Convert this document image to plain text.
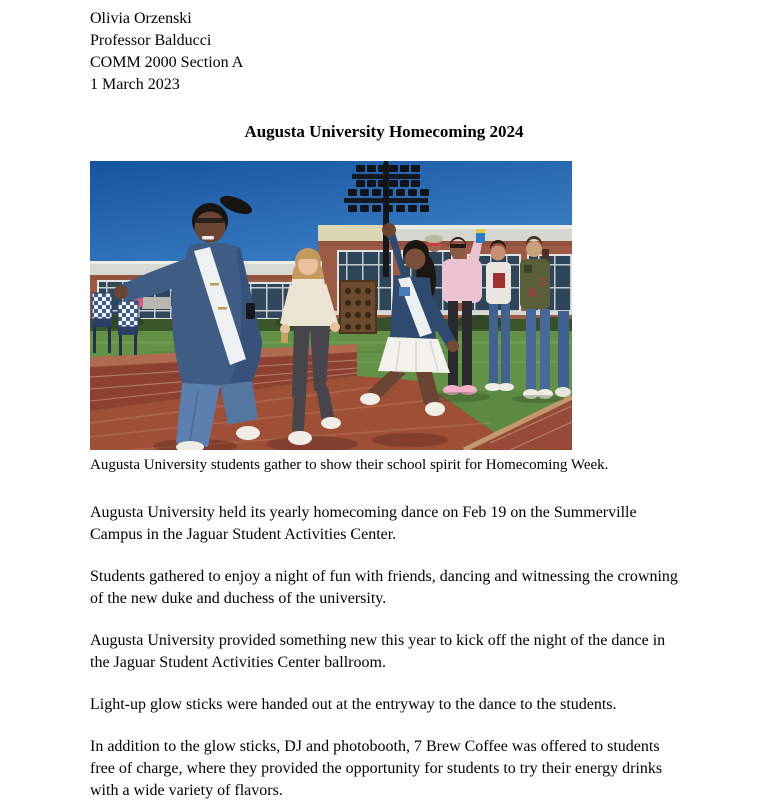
Olivia Orzenski
Professor Balducci
COMM 2000 Section A
1 March 2023
Augusta University Homecoming 2024
Augusta University students gather to show their school spirit for Homecoming Week.

Augusta University held its yearly homecoming dance on Feb 19 on the Summerville Campus in the Jaguar Student Activities Center.

Students gathered to enjoy a night of fun with friends, dancing and witnessing the crowning of the new duke and duchess of the university.

Augusta University provided something new this year to kick off the night of the dance in the Jaguar Student Activities Center ballroom.

Light-up glow sticks were handed out at the entryway to the dance to the students.

In addition to the glow sticks, DJ and photobooth, 7 Brew Coffee was offered to students free of charge, where they provided the opportunity for students to try their energy drinks with a wide variety of flavors.
